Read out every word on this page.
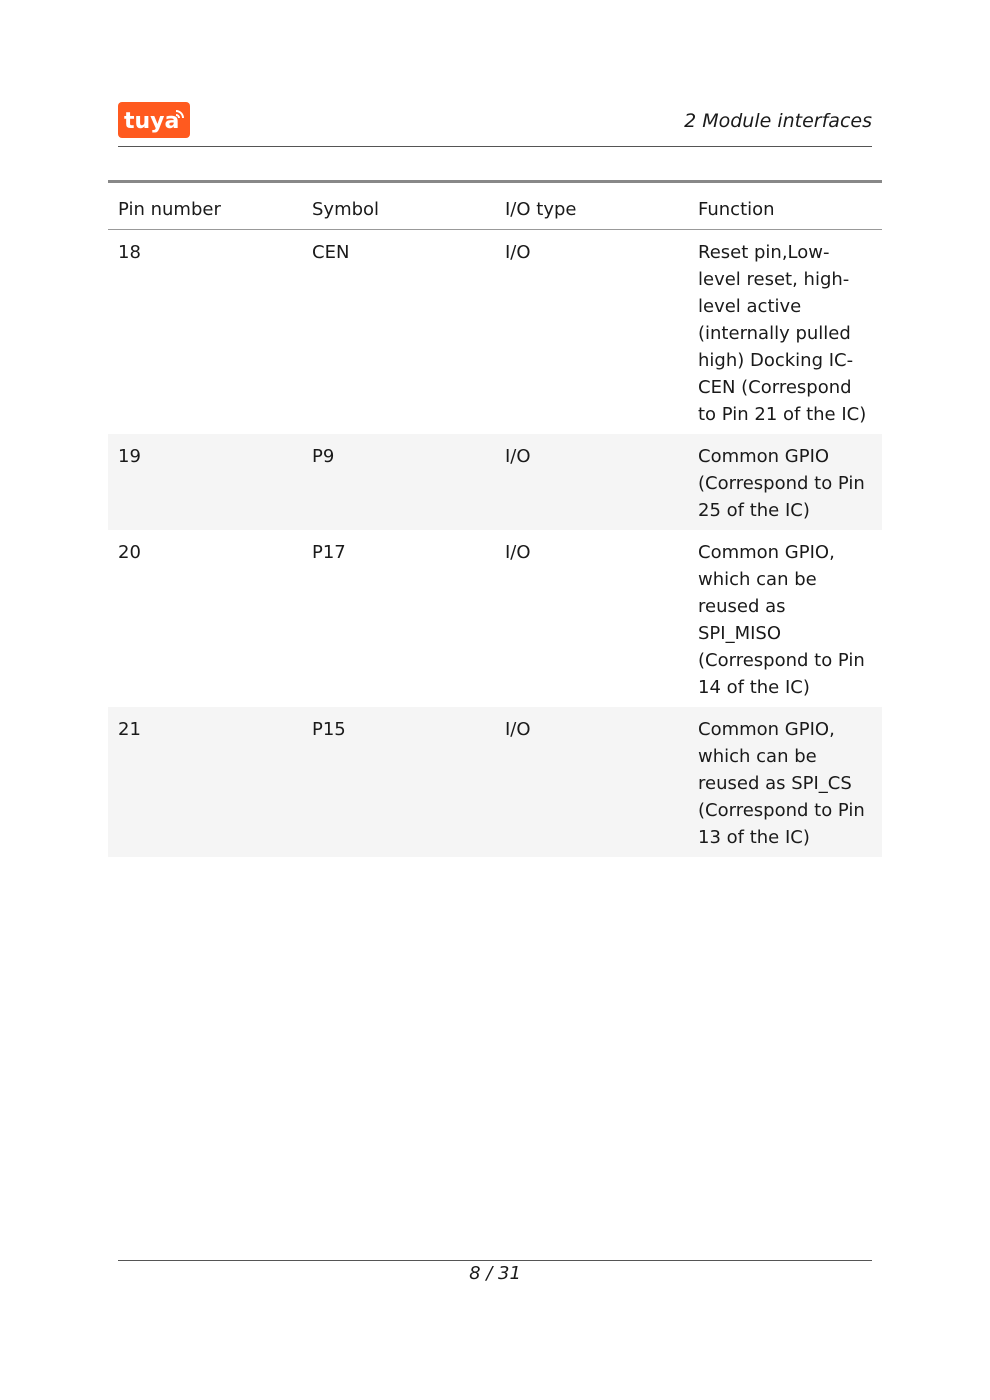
tuya	2 Module interfaces
Pin number	Symbol	I/O type	Function
18	CEN	I/O	Reset pin,Low-level reset, high-level active (internally pulled high) Docking IC-CEN (Correspond to Pin 21 of the IC)

19	P9	I/O	Common GPIO (Correspond to Pin 25 of the IC)

20	P17	I/O	Common GPIO, which can be reused as SPI_MISO (Correspond to Pin 14 of the IC)

21	P15	I/O	Common GPIO, which can be reused as SPI_CS (Correspond to Pin 13 of the IC)
8 / 31
